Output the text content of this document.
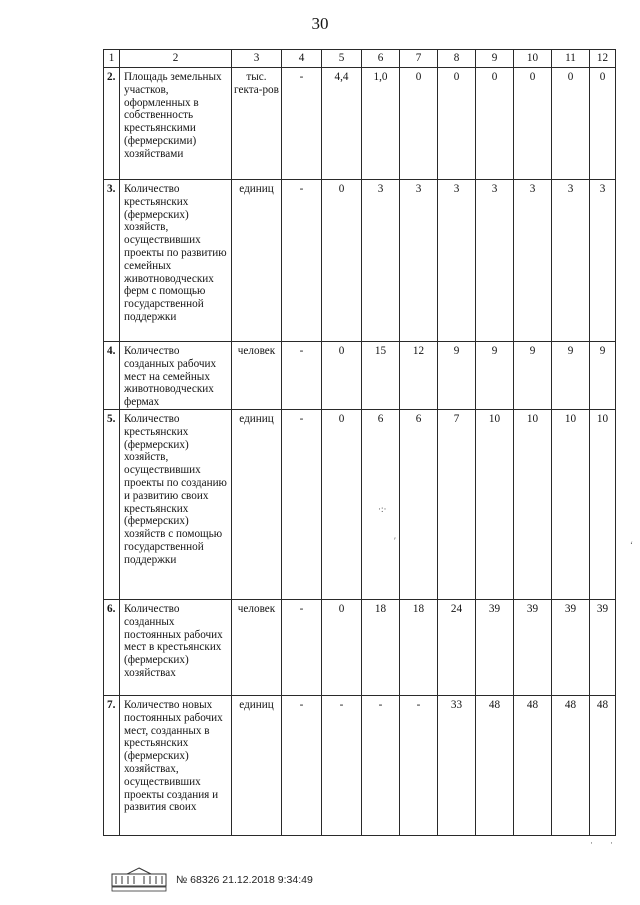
30
1	2	3	4	5	6	7	8	9	10	11	12
2.	Площадь земельных участков, оформленных в собственность крестьянскими (фермерскими) хозяйствами	тыс. гекта-ров	-	4,4	1,0	0	0	0	0	0	0
3.	Количество крестьянских (фермерских) хозяйств, осуществивших проекты по развитию семейных животноводческих ферм с помощью государственной поддержки	единиц	-	0	3	3	3	3	3	3	3
4.	Количество созданных рабочих мест на семейных животноводческих фермах	человек	-	0	15	12	9	9	9	9	9
5.	Количество крестьянских (фермерских) хозяйств, осуществивших проекты по созданию и развитию своих крестьянских (фермерских) хозяйств с помощью государственной поддержки	единиц	-	0	6	6	7	10	10	10	10
6.	Количество созданных постоянных рабочих мест в крестьянских (фермерских) хозяйствах	человек	-	0	18	18	24	39	39	39	39
7.	Количество новых постоянных рабочих мест, созданных в крестьянских (фермерских) хозяйствах, осуществивших проекты создания и развития своих	единиц	-	-	-	-	33	48	48	48	48
·:·
′	‘
· ·
№ 68326 21.12.2018 9:34:49
